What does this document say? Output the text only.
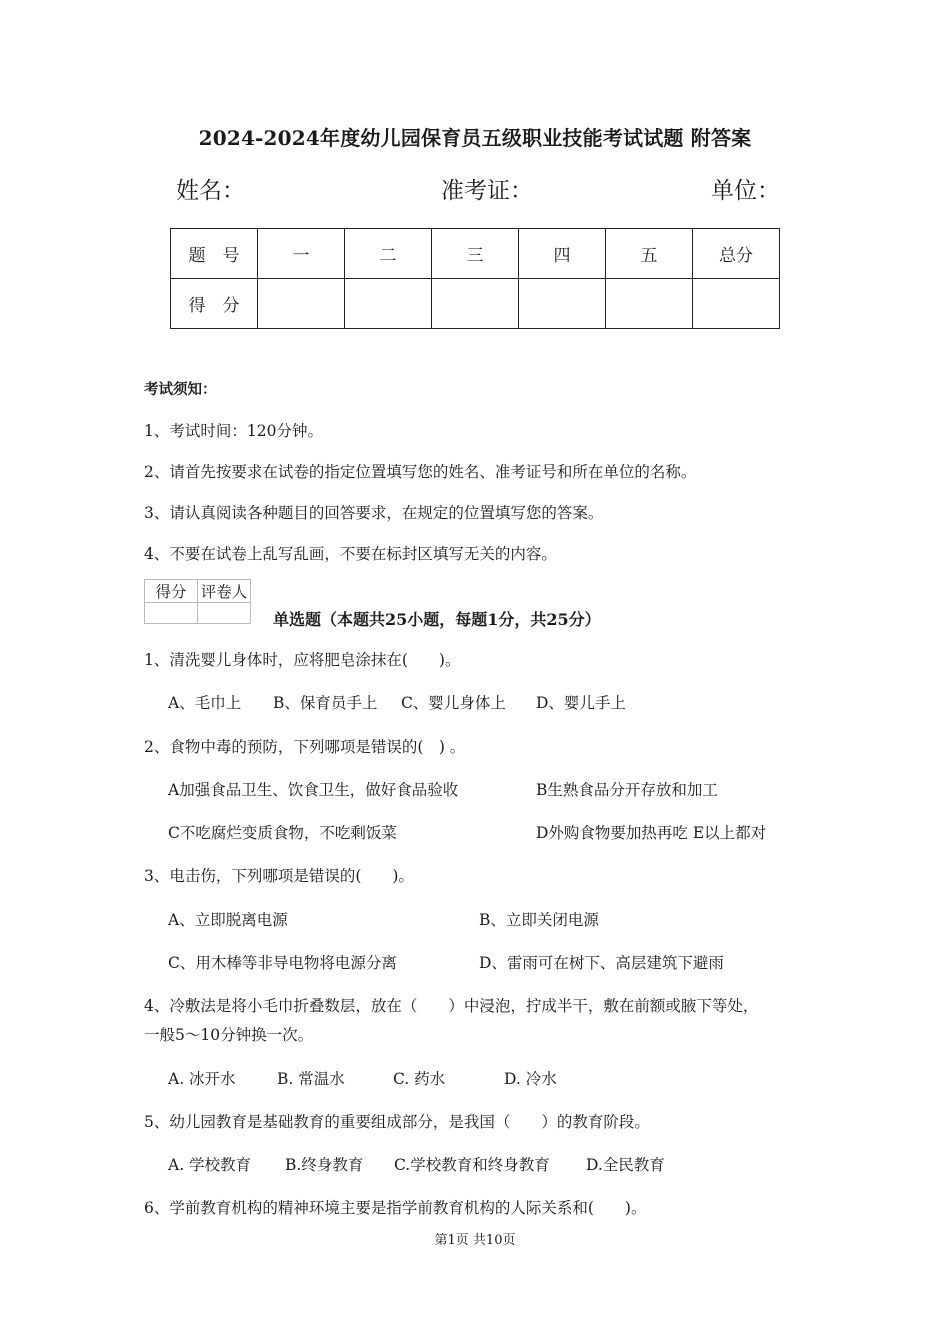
2024-2024年度幼儿园保育员五级职业技能考试试题 附答案
姓名：	准考证：	单位：
题　号	一	二	三	四	五	总分
得　分						
考试须知：
1、考试时间：120分钟。
2、请首先按要求在试卷的指定位置填写您的姓名、准考证号和所在单位的名称。
3、请认真阅读各种题目的回答要求，在规定的位置填写您的答案。
4、不要在试卷上乱写乱画，不要在标封区填写无关的内容。
得分	评卷人

单选题（本题共25小题，每题1分，共25分）
1、清洗婴儿身体时，应将肥皂涂抹在(　　)。
A、毛巾上 B、保育员手上 C、婴儿身体上 D、婴儿手上
2、食物中毒的预防，下列哪项是错误的(　) 。
A加强食品卫生、饮食卫生，做好食品验收	B生熟食品分开存放和加工
C不吃腐烂变质食物，不吃剩饭菜	D外购食物要加热再吃 E以上都对
3、电击伤，下列哪项是错误的(　　)。
A、立即脱离电源	B、立即关闭电源
C、用木棒等非导电物将电源分离	D、雷雨可在树下、高层建筑下避雨
4、冷敷法是将小毛巾折叠数层，放在（　　）中浸泡，拧成半干，敷在前额或腋下等处，
一般5～10分钟换一次。
A. 冰开水	B. 常温水	C. 药水	D. 冷水
5、幼儿园教育是基础教育的重要组成部分，是我国（　　）的教育阶段。
A. 学校教育 B.终身教育 C.学校教育和终身教育 D.全民教育
6、学前教育机构的精神环境主要是指学前教育机构的人际关系和(　　)。
第1页 共10页
